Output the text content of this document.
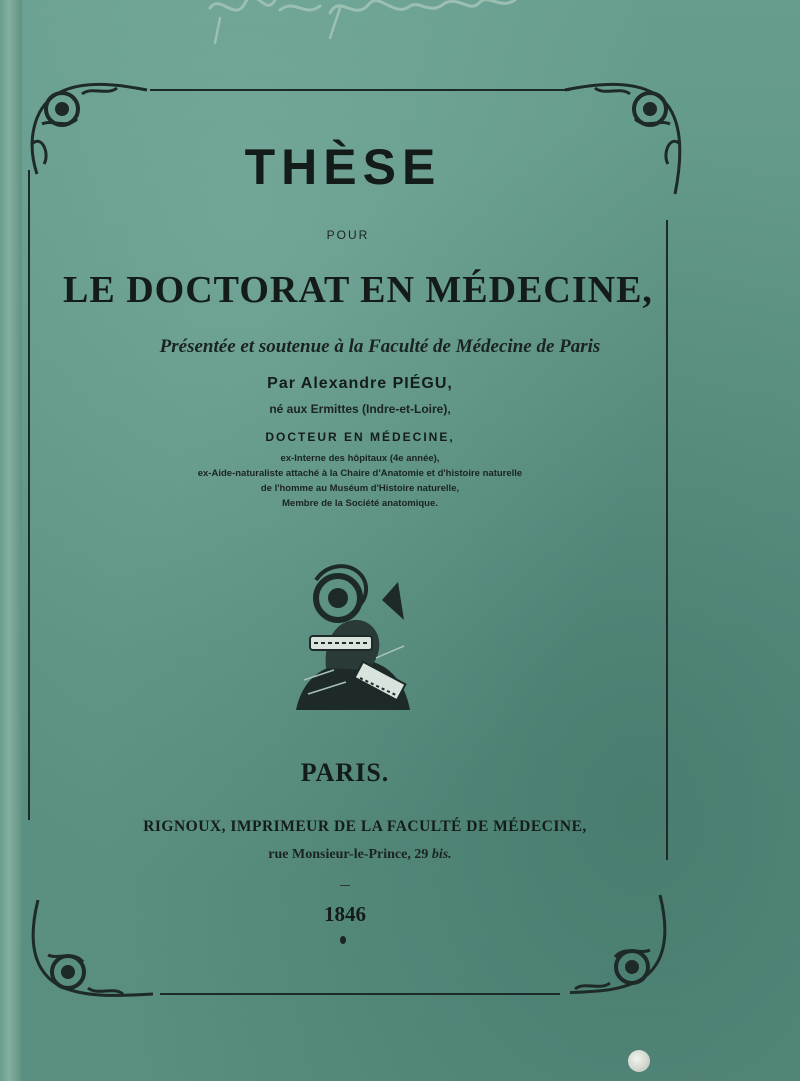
THÈSE
POUR
LE DOCTORAT EN MÉDECINE,
Présentée et soutenue à la Faculté de Médecine de Paris
Par Alexandre PIÉGU,
né aux Ermittes (Indre-et-Loire),
DOCTEUR EN MÉDECINE,
ex-Interne des hôpitaux (4e année),
ex-Aide-naturaliste attaché à la Chaire d'Anatomie et d'histoire naturelle
de l'homme au Muséum d'Histoire naturelle,
Membre de la Société anatomique.
PARIS.
RIGNOUX, IMPRIMEUR DE LA FACULTÉ DE MÉDECINE,
rue Monsieur-le-Prince, 29 bis.
1846
